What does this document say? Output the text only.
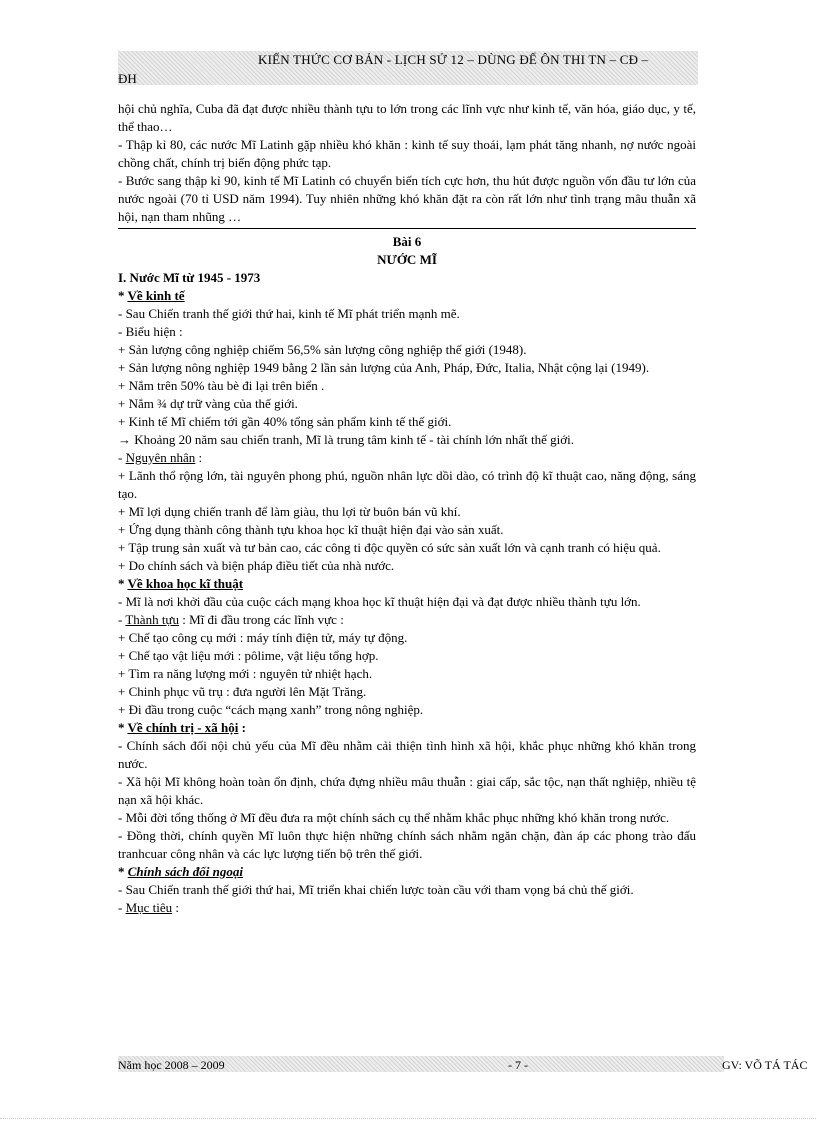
KIẾN THỨC CƠ BẢN - LỊCH SỬ 12 – DÙNG ĐỂ ÔN THI TN – CĐ –
ĐH

hội chủ nghĩa, Cuba đã đạt được nhiều thành tựu to lớn trong các lĩnh vực như kinh tế, văn hóa, giáo dục, y tế, thể thao…

- Thập kỉ 80, các nước Mĩ Latinh gặp nhiều khó khăn : kinh tế suy thoái, lạm phát tăng nhanh, nợ nước ngoài chồng chất, chính trị biến động phức tạp.

- Bước sang thập kỉ 90, kinh tế Mĩ Latinh có chuyển biến tích cực hơn, thu hút được nguồn vốn đầu tư lớn của nước ngoài (70 tỉ USD năm 1994). Tuy nhiên những khó khăn đặt ra còn rất lớn như tình trạng mâu thuẫn xã hội, nạn tham nhũng …

Bài 6
NƯỚC MĨ

I. Nước Mĩ từ 1945 - 1973

* Về kinh tế

- Sau Chiến tranh thế giới thứ hai, kinh tế Mĩ phát triển mạnh mẽ.

- Biểu hiện :

+ Sản lượng công nghiệp chiếm 56,5% sản lượng công nghiệp thế giới (1948).

+ Sản lượng nông nghiệp 1949 bằng 2 lần sản lượng của Anh, Pháp, Đức, Italia, Nhật cộng lại (1949).

+ Nắm trên 50% tàu bè đi lại trên biển .

+ Nắm ¾ dự trữ vàng của thế giới.

+ Kinh tế Mĩ chiếm tới gần 40% tổng sản phẩm kinh tế thế giới.

→ Khoảng 20 năm sau chiến tranh, Mĩ là trung tâm kinh tế - tài chính lớn nhất thế giới.

- Nguyên nhân :

+ Lãnh thổ rộng lớn, tài nguyên phong phú, nguồn nhân lực dồi dào, có trình độ kĩ thuật cao, năng động, sáng tạo.

+ Mĩ lợi dụng chiến tranh để làm giàu, thu lợi từ buôn bán vũ khí.

+ Ứng dụng thành công thành tựu khoa học kĩ thuật hiện đại vào sản xuất.

+ Tập trung sản xuất và tư bản cao, các công ti độc quyền có sức sản xuất lớn và cạnh tranh có hiệu quả.

+ Do chính sách và biện pháp điều tiết của nhà nước.

* Về khoa học kĩ thuật

- Mĩ là nơi khởi đầu của cuộc cách mạng khoa học kĩ thuật hiện đại và đạt được nhiều thành tựu lớn.

- Thành tựu : Mĩ đi đầu trong các lĩnh vực :

+ Chế tạo công cụ mới : máy tính điện tử, máy tự động.

+ Chế tạo vật liệu mới : pôlime, vật liệu tổng hợp.

+ Tìm ra năng lượng mới : nguyên tử nhiệt hạch.

+ Chinh phục vũ trụ : đưa người lên Mặt Trăng.

+ Đi đầu trong cuộc “cách mạng xanh” trong nông nghiệp.

* Về chính trị - xã hội :

- Chính sách đối nội chủ yếu của Mĩ đều nhằm cải thiện tình hình xã hội, khắc phục những khó khăn trong nước.

- Xã hội Mĩ không hoàn toàn ổn định, chứa đựng nhiều mâu thuẫn : giai cấp, sắc tộc, nạn thất nghiệp, nhiều tệ nạn xã hội khác.

- Mỗi đời tổng thống ở Mĩ đều đưa ra một chính sách cụ thể nhằm khắc phục những khó khăn trong nước.

- Đồng thời, chính quyền Mĩ luôn thực hiện những chính sách nhằm ngăn chặn, đàn áp các phong trào đấu tranhcuar công nhân và các lực lượng tiến bộ trên thế giới.

* Chính sách đối ngoại

- Sau Chiến tranh thế giới thứ hai, Mĩ triển khai chiến lược toàn cầu với tham vọng bá chủ thế giới.

- Mục tiêu :

Năm học 2008 – 2009	- 7 -	GV: VÕ TÁ TÁC
